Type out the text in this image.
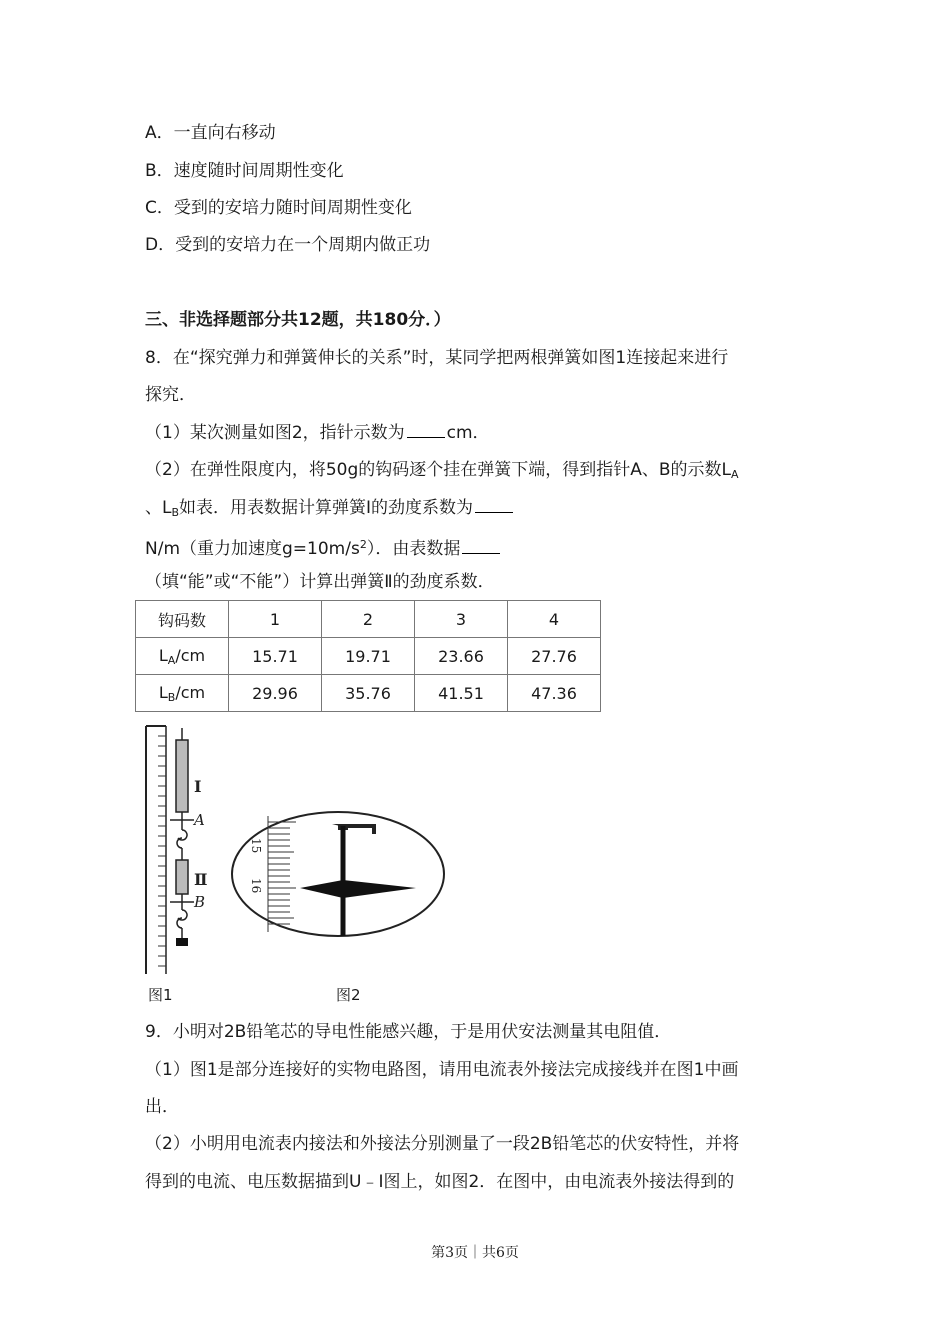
A．一直向右移动
B．速度随时间周期性变化
C．受到的安培力随时间周期性变化
D．受到的安培力在一个周期内做正功
三、非选择题部分共12题，共180分．）
8．在“探究弹力和弹簧伸长的关系”时，某同学把两根弹簧如图1连接起来进行
探究．
（1）某次测量如图2，指针示数为 cm．
（2）在弹性限度内，将50g的钩码逐个挂在弹簧下端，得到指针A、B的示数$L_A$
、$L_B$如表．用表数据计算弹簧Ⅰ的劲度系数为
N/m（重力加速度$g=10m/s^2$）．由表数据
（填“能”或“不能”）计算出弹簧Ⅱ的劲度系数．
钩码数	1	2	3	4
$L_A/cm$	15.71	19.71	23.66	27.76
$L_B/cm$	29.96	35.76	41.51	47.36
Ⅰ
A
Ⅱ
B
15
16
图1	图2
9．小明对2B铅笔芯的导电性能感兴趣，于是用伏安法测量其电阻值．
（1）图1是部分连接好的实物电路图，请用电流表外接法完成接线并在图1中画
出．
（2）小明用电流表内接法和外接法分别测量了一段2B铅笔芯的伏安特性，并将
得到的电流、电压数据描到U﹣I图上，如图2．在图中，由电流表外接法得到的
第3页｜共6页
